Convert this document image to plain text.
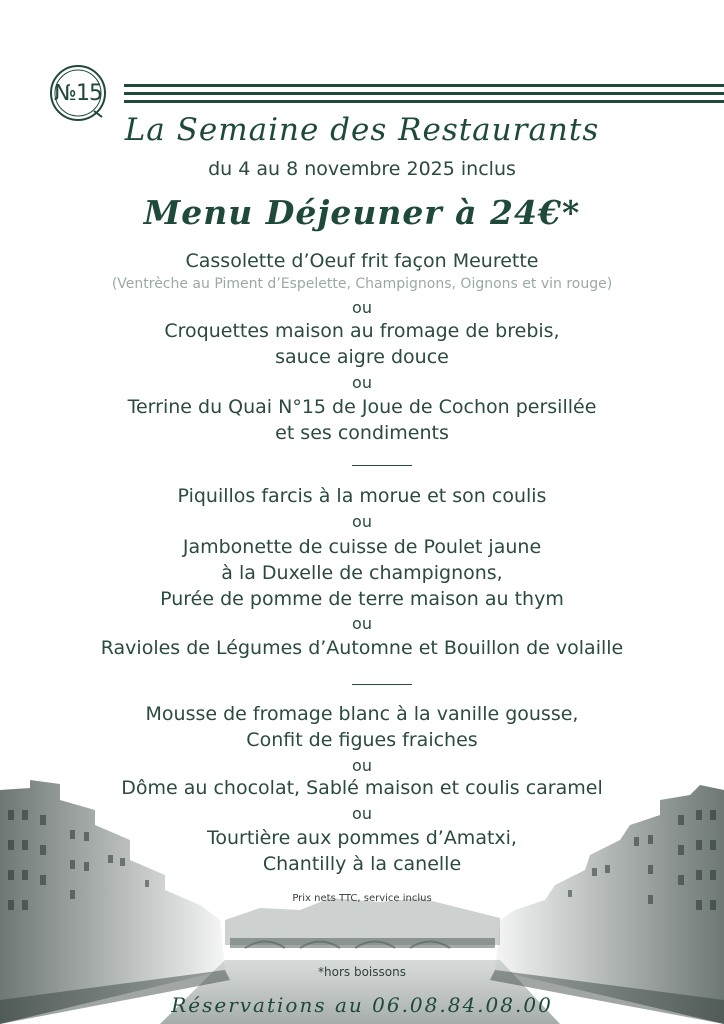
№15
La Semaine des Restaurants
du 4 au 8 novembre 2025 inclus
Menu Déjeuner à 24€*
Cassolette d’Oeuf frit façon Meurette
(Ventrèche au Piment d’Espelette, Champignons, Oignons et vin rouge)
ou
Croquettes maison au fromage de brebis,
sauce aigre douce
ou
Terrine du Quai N°15 de Joue de Cochon persillée
et ses condiments
Piquillos farcis à la morue et son coulis
ou
Jambonette de cuisse de Poulet jaune
à la Duxelle de champignons,
Purée de pomme de terre maison au thym
ou
Ravioles de Légumes d’Automne et Bouillon de volaille
Mousse de fromage blanc à la vanille gousse,
Confit de figues fraiches
ou
Dôme au chocolat, Sablé maison et coulis caramel
ou
Tourtière aux pommes d’Amatxi,
Chantilly à la canelle
Prix nets TTC, service inclus
*hors boissons
Réservations au 06.08.84.08.00
